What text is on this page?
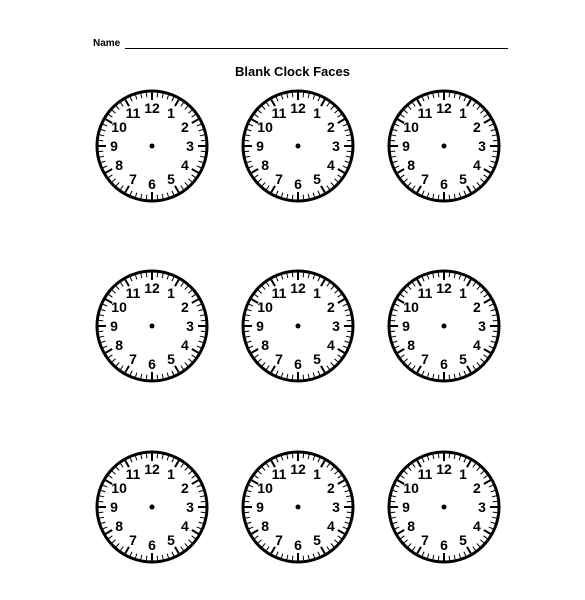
Name
Blank Clock Faces
12 1
2
3
4
5
6
7
8
9
10
11	12 1
2
3
4
5
6
7
8
9
10
11	12 1
2
3
4
5
6
7
8
9
10
11
12 1
2
3
4
5
6
7
8
9
10
11	12 1
2
3
4
5
6
7
8
9
10
11	12 1
2
3
4
5
6
7
8
9
10
11
12 1
2
3
4
5
6
7
8
9
10
11	12 1
2
3
4
5
6
7
8
9
10
11	12 1
2
3
4
5
6
7
8
9
10
11
